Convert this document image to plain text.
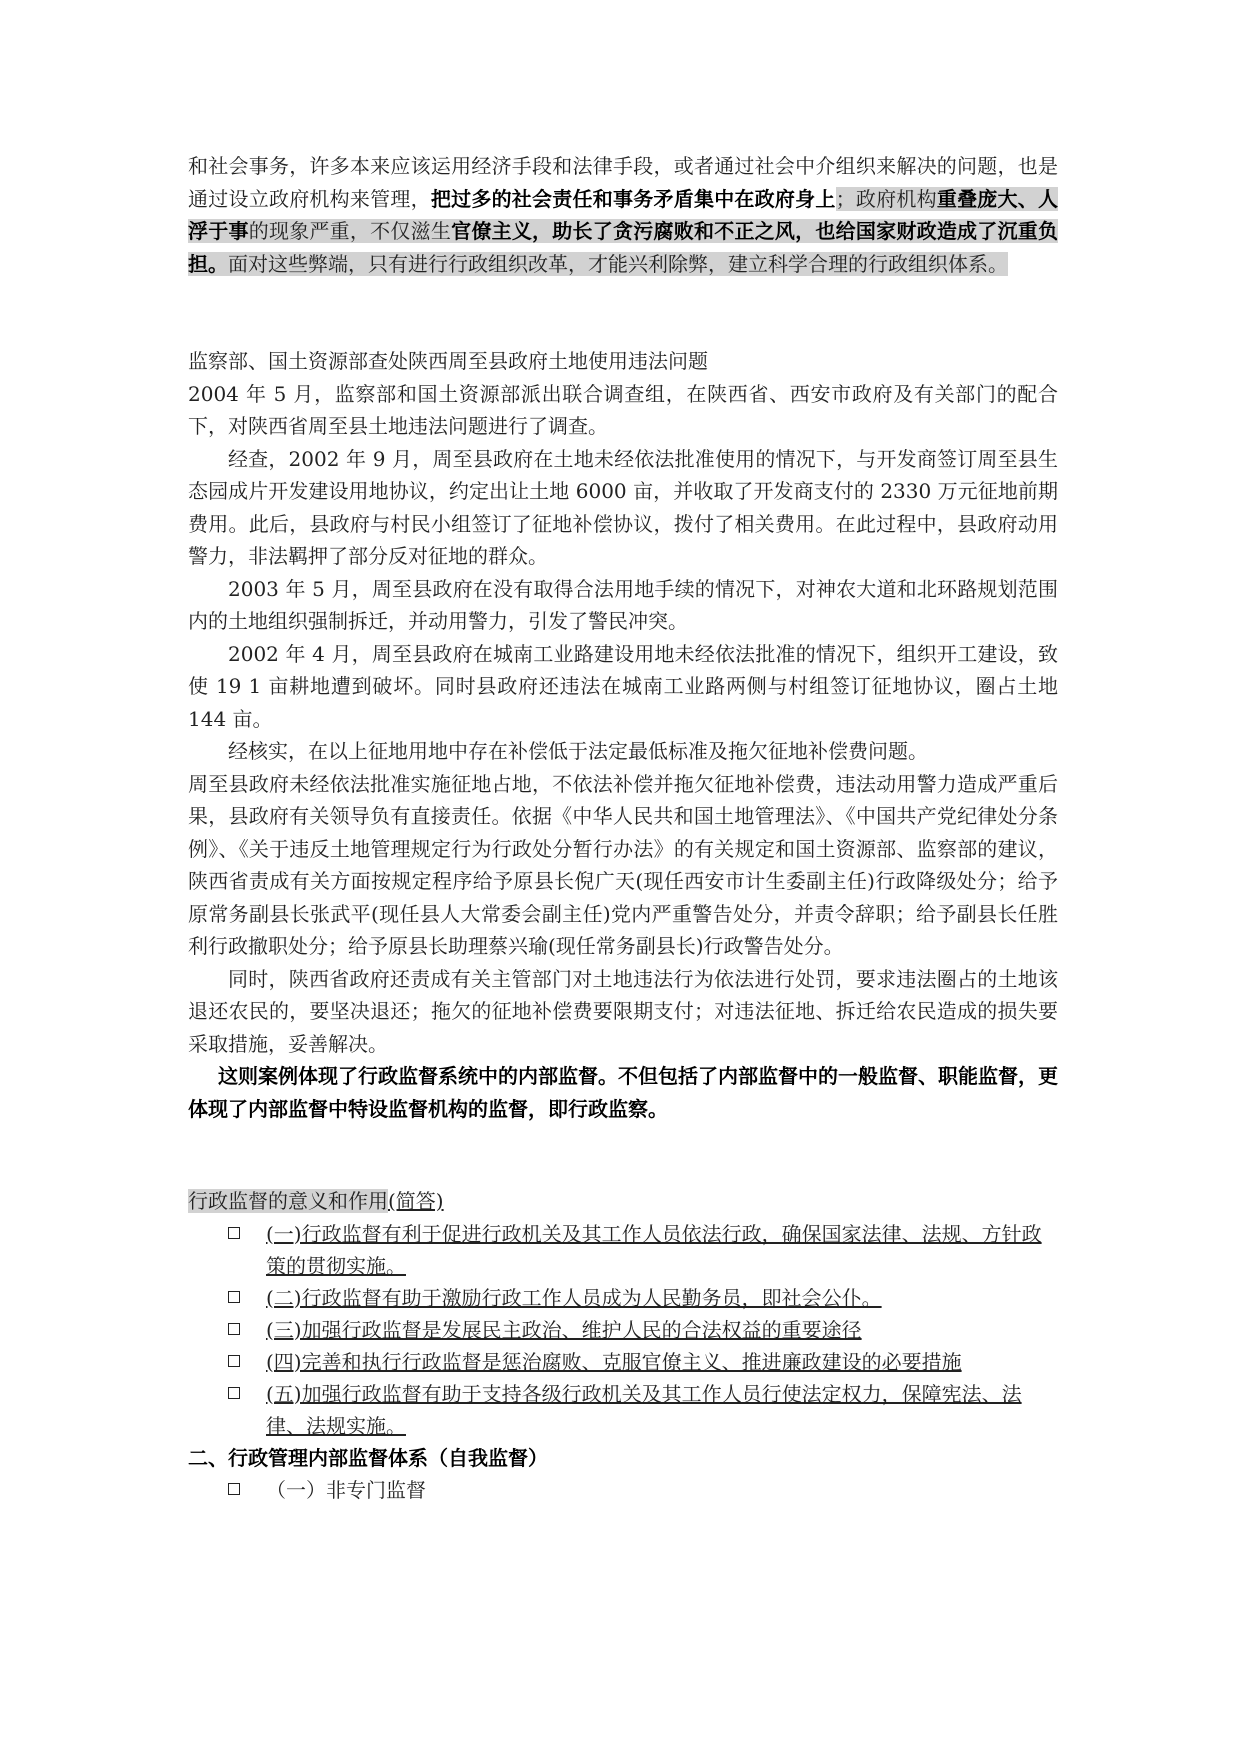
和社会事务，许多本来应该运用经济手段和法律手段，或者通过社会中介组织来解决的问题，也是通过设立政府机构来管理，把过多的社会责任和事务矛盾集中在政府身上；政府机构重叠庞大、人浮于事的现象严重，不仅滋生官僚主义，助长了贪污腐败和不正之风，也给国家财政造成了沉重负担。面对这些弊端，只有进行行政组织改革，才能兴利除弊，建立科学合理的行政组织体系。

监察部、国土资源部查处陕西周至县政府土地使用违法问题

2004 年 5 月，监察部和国土资源部派出联合调查组，在陕西省、西安市政府及有关部门的配合下，对陕西省周至县土地违法问题进行了调查。

经查，2002 年 9 月，周至县政府在土地未经依法批准使用的情况下，与开发商签订周至县生态园成片开发建设用地协议，约定出让土地 6000 亩，并收取了开发商支付的 2330 万元征地前期费用。此后，县政府与村民小组签订了征地补偿协议，拨付了相关费用。在此过程中，县政府动用警力，非法羁押了部分反对征地的群众。

2003 年 5 月，周至县政府在没有取得合法用地手续的情况下，对神农大道和北环路规划范围内的土地组织强制拆迁，并动用警力，引发了警民冲突。

2002 年 4 月，周至县政府在城南工业路建设用地未经依法批准的情况下，组织开工建设，致使 19 1 亩耕地遭到破坏。同时县政府还违法在城南工业路两侧与村组签订征地协议，圈占土地 144 亩。

经核实，在以上征地用地中存在补偿低于法定最低标准及拖欠征地补偿费问题。

周至县政府未经依法批准实施征地占地，不依法补偿并拖欠征地补偿费，违法动用警力造成严重后果，县政府有关领导负有直接责任。依据《中华人民共和国土地管理法》、《中国共产党纪律处分条例》、《关于违反土地管理规定行为行政处分暂行办法》的有关规定和国土资源部、监察部的建议，陕西省责成有关方面按规定程序给予原县长倪广天(现任西安市计生委副主任)行政降级处分；给予原常务副县长张武平(现任县人大常委会副主任)党内严重警告处分，并责令辞职；给予副县长任胜利行政撤职处分；给予原县长助理蔡兴瑜(现任常务副县长)行政警告处分。

同时，陕西省政府还责成有关主管部门对土地违法行为依法进行处罚，要求违法圈占的土地该退还农民的，要坚决退还；拖欠的征地补偿费要限期支付；对违法征地、拆迁给农民造成的损失要采取措施，妥善解决。

这则案例体现了行政监督系统中的内部监督。不但包括了内部监督中的一般监督、职能监督，更体现了内部监督中特设监督机构的监督，即行政监察。

行政监督的意义和作用(简答)

(一)行政监督有利于促进行政机关及其工作人员依法行政，确保国家法律、法规、方针政策的贯彻实施。
(二)行政监督有助于激励行政工作人员成为人民勤务员，即社会公仆。
(三)加强行政监督是发展民主政治、维护人民的合法权益的重要途径
(四)完善和执行行政监督是惩治腐败、克服官僚主义、推进廉政建设的必要措施
(五)加强行政监督有助于支持各级行政机关及其工作人员行使法定权力，保障宪法、法律、法规实施。

二、行政管理内部监督体系（自我监督）

（一）非专门监督
